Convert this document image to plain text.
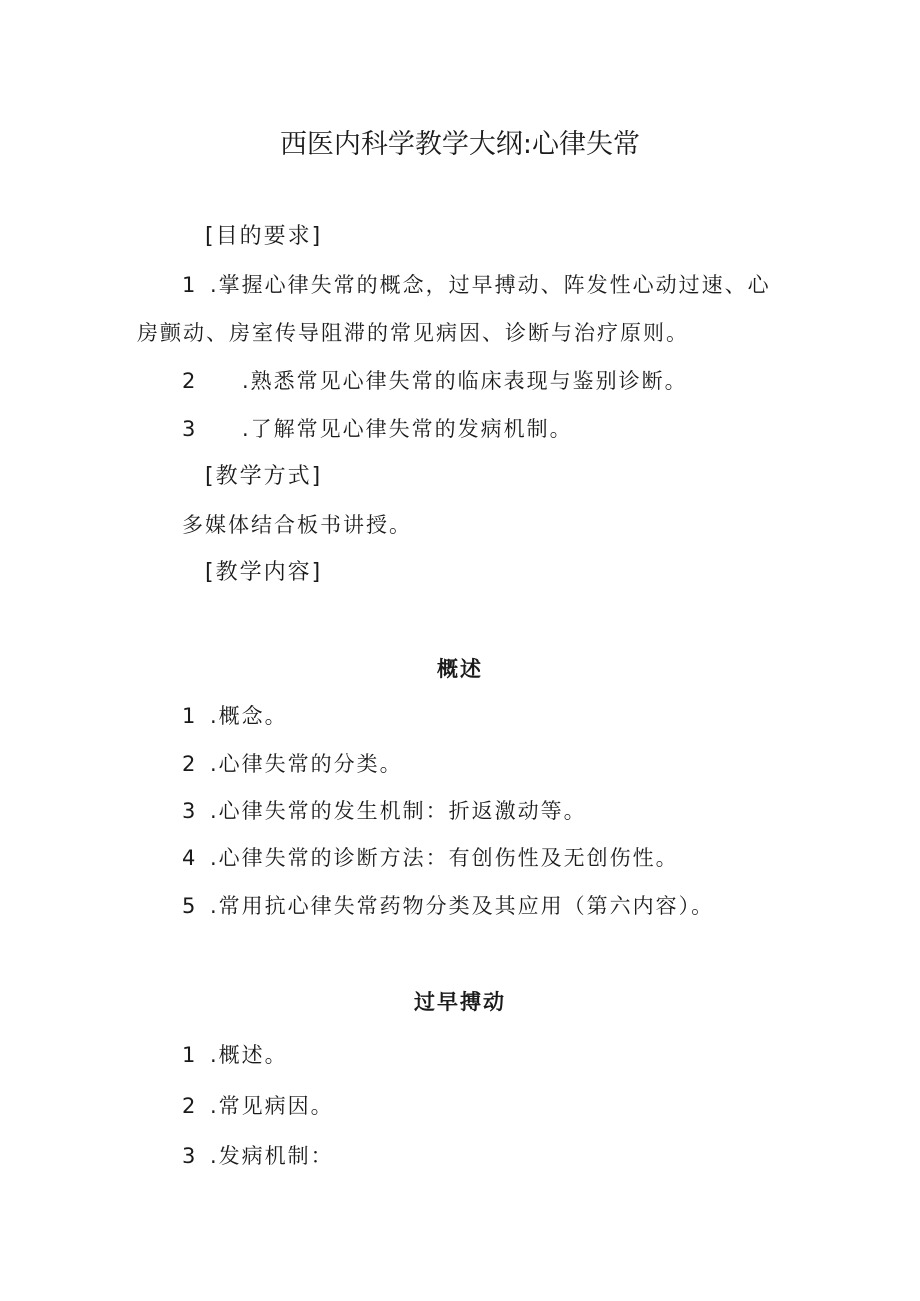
西医内科学教学大纲:心律失常
[目的要求]
1 .掌握心律失常的概念，过早搏动、阵发性心动过速、心
房颤动、房室传导阻滞的常见病因、诊断与治疗原则。
2 .熟悉常见心律失常的临床表现与鉴别诊断。
3 .了解常见心律失常的发病机制。
[教学方式]
多媒体结合板书讲授。
[教学内容]
概述
1 .概念。
2 .心律失常的分类。
3 .心律失常的发生机制：折返激动等。
4 .心律失常的诊断方法：有创伤性及无创伤性。
5 .常用抗心律失常药物分类及其应用（第六内容）。
过早搏动
1 .概述。
2 .常见病因。
3 .发病机制：
